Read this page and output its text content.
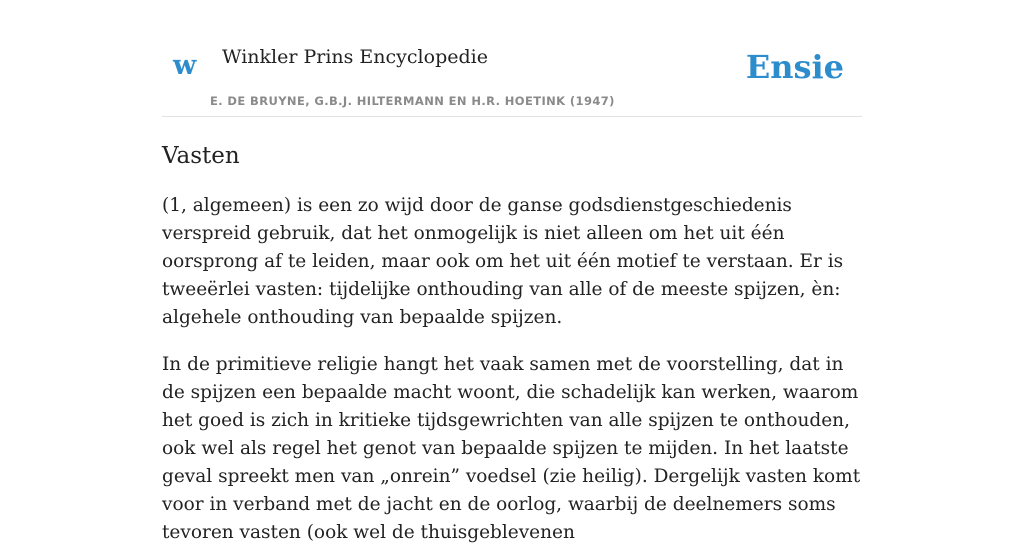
w Winkler Prins Encyclopedie
E. DE BRUYNE, G.B.J. HILTERMANN EN H.R. HOETINK (1947)
Ensie
Vasten

(1, algemeen) is een zo wijd door de ganse godsdienstgeschiedenis verspreid gebruik, dat het onmogelijk is niet alleen om het uit één oorsprong af te leiden, maar ook om het uit één motief te verstaan. Er is tweeërlei vasten: tijdelijke onthouding van alle of de meeste spijzen, èn: algehele onthouding van bepaalde spijzen.

In de primitieve religie hangt het vaak samen met de voorstelling, dat in de spijzen een bepaalde macht woont, die schadelijk kan werken, waarom het goed is zich in kritieke tijdsgewrichten van alle spijzen te onthouden, ook wel als regel het genot van bepaalde spijzen te mijden. In het laatste geval spreekt men van „onrein” voedsel (zie heilig). Dergelijk vasten komt voor in verband met de jacht en de oorlog, waarbij de deelnemers soms tevoren vasten (ook wel de thuisgeblevenen
